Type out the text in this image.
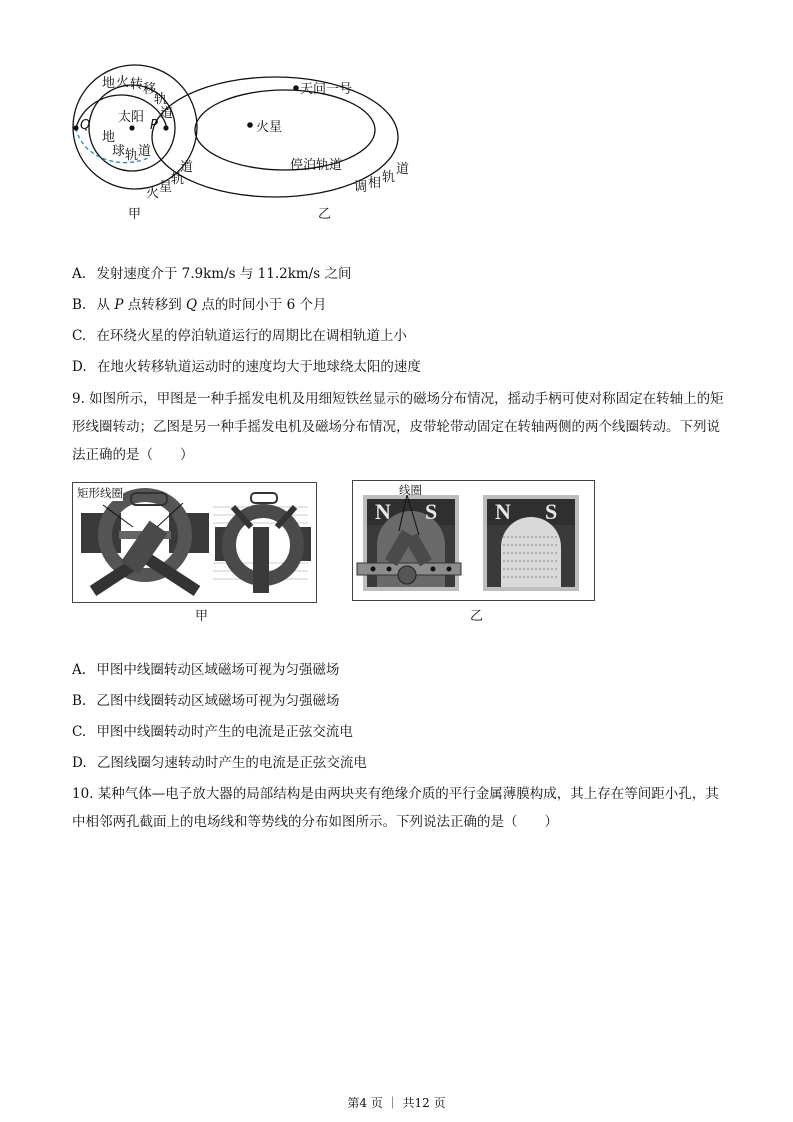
地 火 转 移
轨
道
太阳
Q	P
地
球 轨 道
火 星
轨
道
甲
天问一号
火星
停泊轨道
调 相 轨
道
乙
A. 发射速度介于 7.9km/s 与 11.2km/s 之间
B. 从 P 点转移到 Q 点的时间小于 6 个月
C. 在环绕火星的停泊轨道运行的周期比在调相轨道上小
D. 在地火转移轨道运动时的速度均大于地球绕太阳的速度
9. 如图所示，甲图是一种手摇发电机及用细短铁丝显示的磁场分布情况，摇动手柄可使对称固定在转轴上的矩形线圈转动；乙图是另一种手摇发电机及磁场分布情况，皮带轮带动固定在转轴两侧的两个线圈转动。下列说法正确的是（　　）
矩形线圈
甲
线圈
N S	N S
乙
A. 甲图中线圈转动区域磁场可视为匀强磁场
B. 乙图中线圈转动区域磁场可视为匀强磁场
C. 甲图中线圈转动时产生的电流是正弦交流电
D. 乙图线圈匀速转动时产生的电流是正弦交流电
10. 某种气体—电子放大器的局部结构是由两块夹有绝缘介质的平行金属薄膜构成，其上存在等间距小孔，其中相邻两孔截面上的电场线和等势线的分布如图所示。下列说法正确的是（　　）
第4 页 ｜ 共12 页
